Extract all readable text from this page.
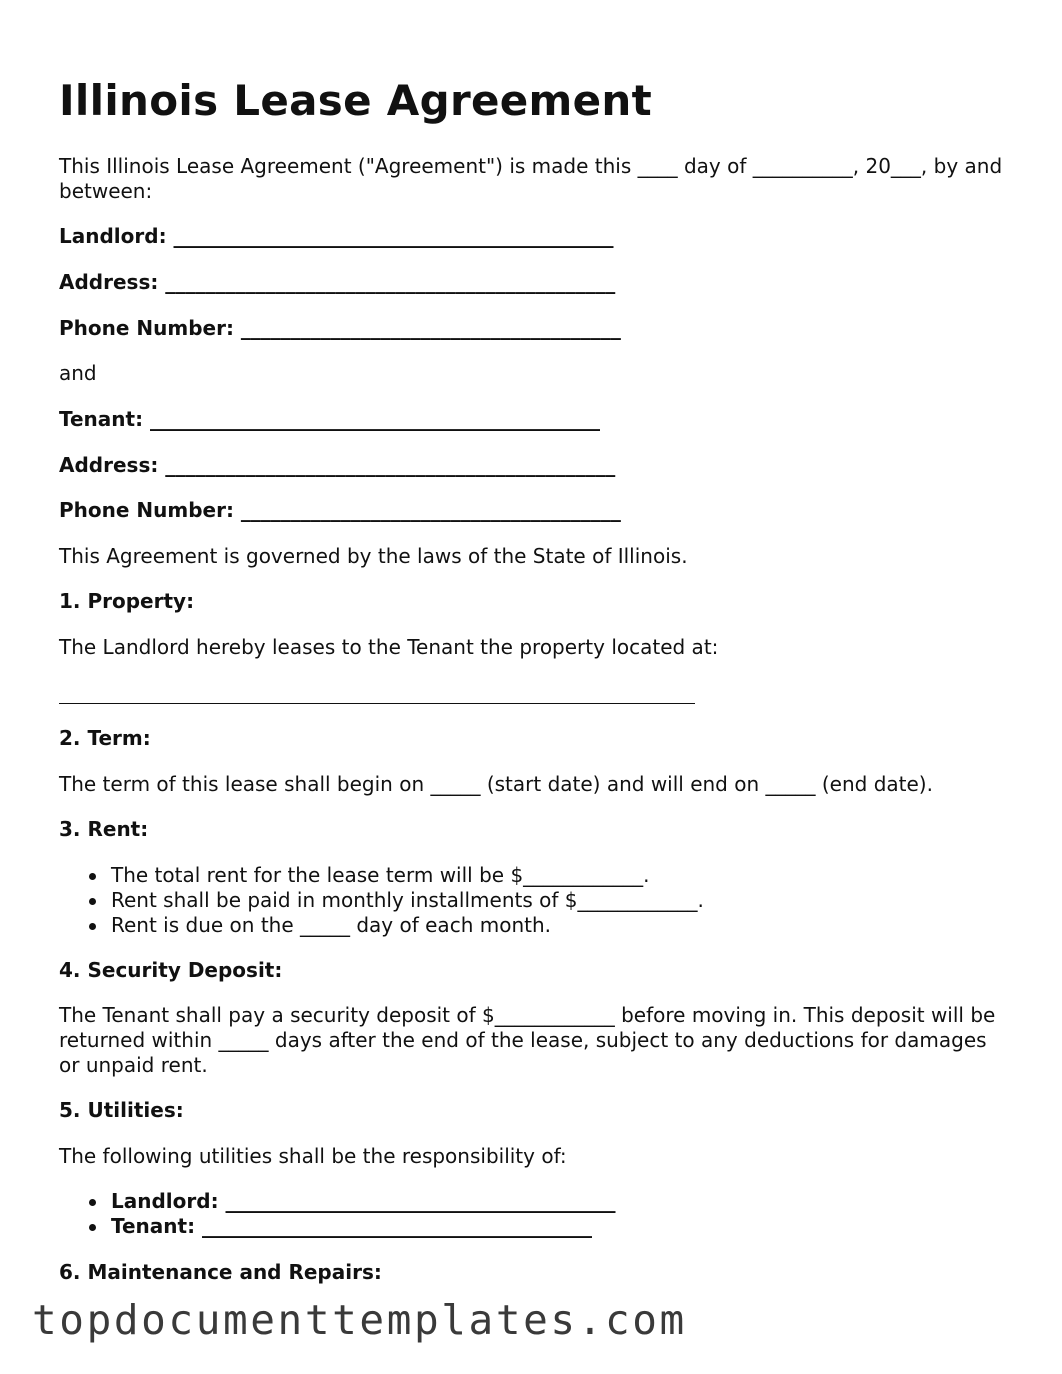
Illinois Lease Agreement

This Illinois Lease Agreement ("Agreement") is made this ____ day of __________, 20___, by and between:

Landlord: ____________________________________________

Address: _____________________________________________

Phone Number: ______________________________________

and

Tenant: _____________________________________________

Address: _____________________________________________

Phone Number: ______________________________________

This Agreement is governed by the laws of the State of Illinois.

1. Property:

The Landlord hereby leases to the Tenant the property located at:

2. Term:

The term of this lease shall begin on _____ (start date) and will end on _____ (end date).

3. Rent:

The total rent for the lease term will be $____________.
Rent shall be paid in monthly installments of $____________.
Rent is due on the _____ day of each month.

4. Security Deposit:

The Tenant shall pay a security deposit of $____________ before moving in. This deposit will be returned within _____ days after the end of the lease, subject to any deductions for damages or unpaid rent.

5. Utilities:

The following utilities shall be the responsibility of:

Landlord: _______________________________________
Tenant: _______________________________________

6. Maintenance and Repairs:

topdocumenttemplates.com
